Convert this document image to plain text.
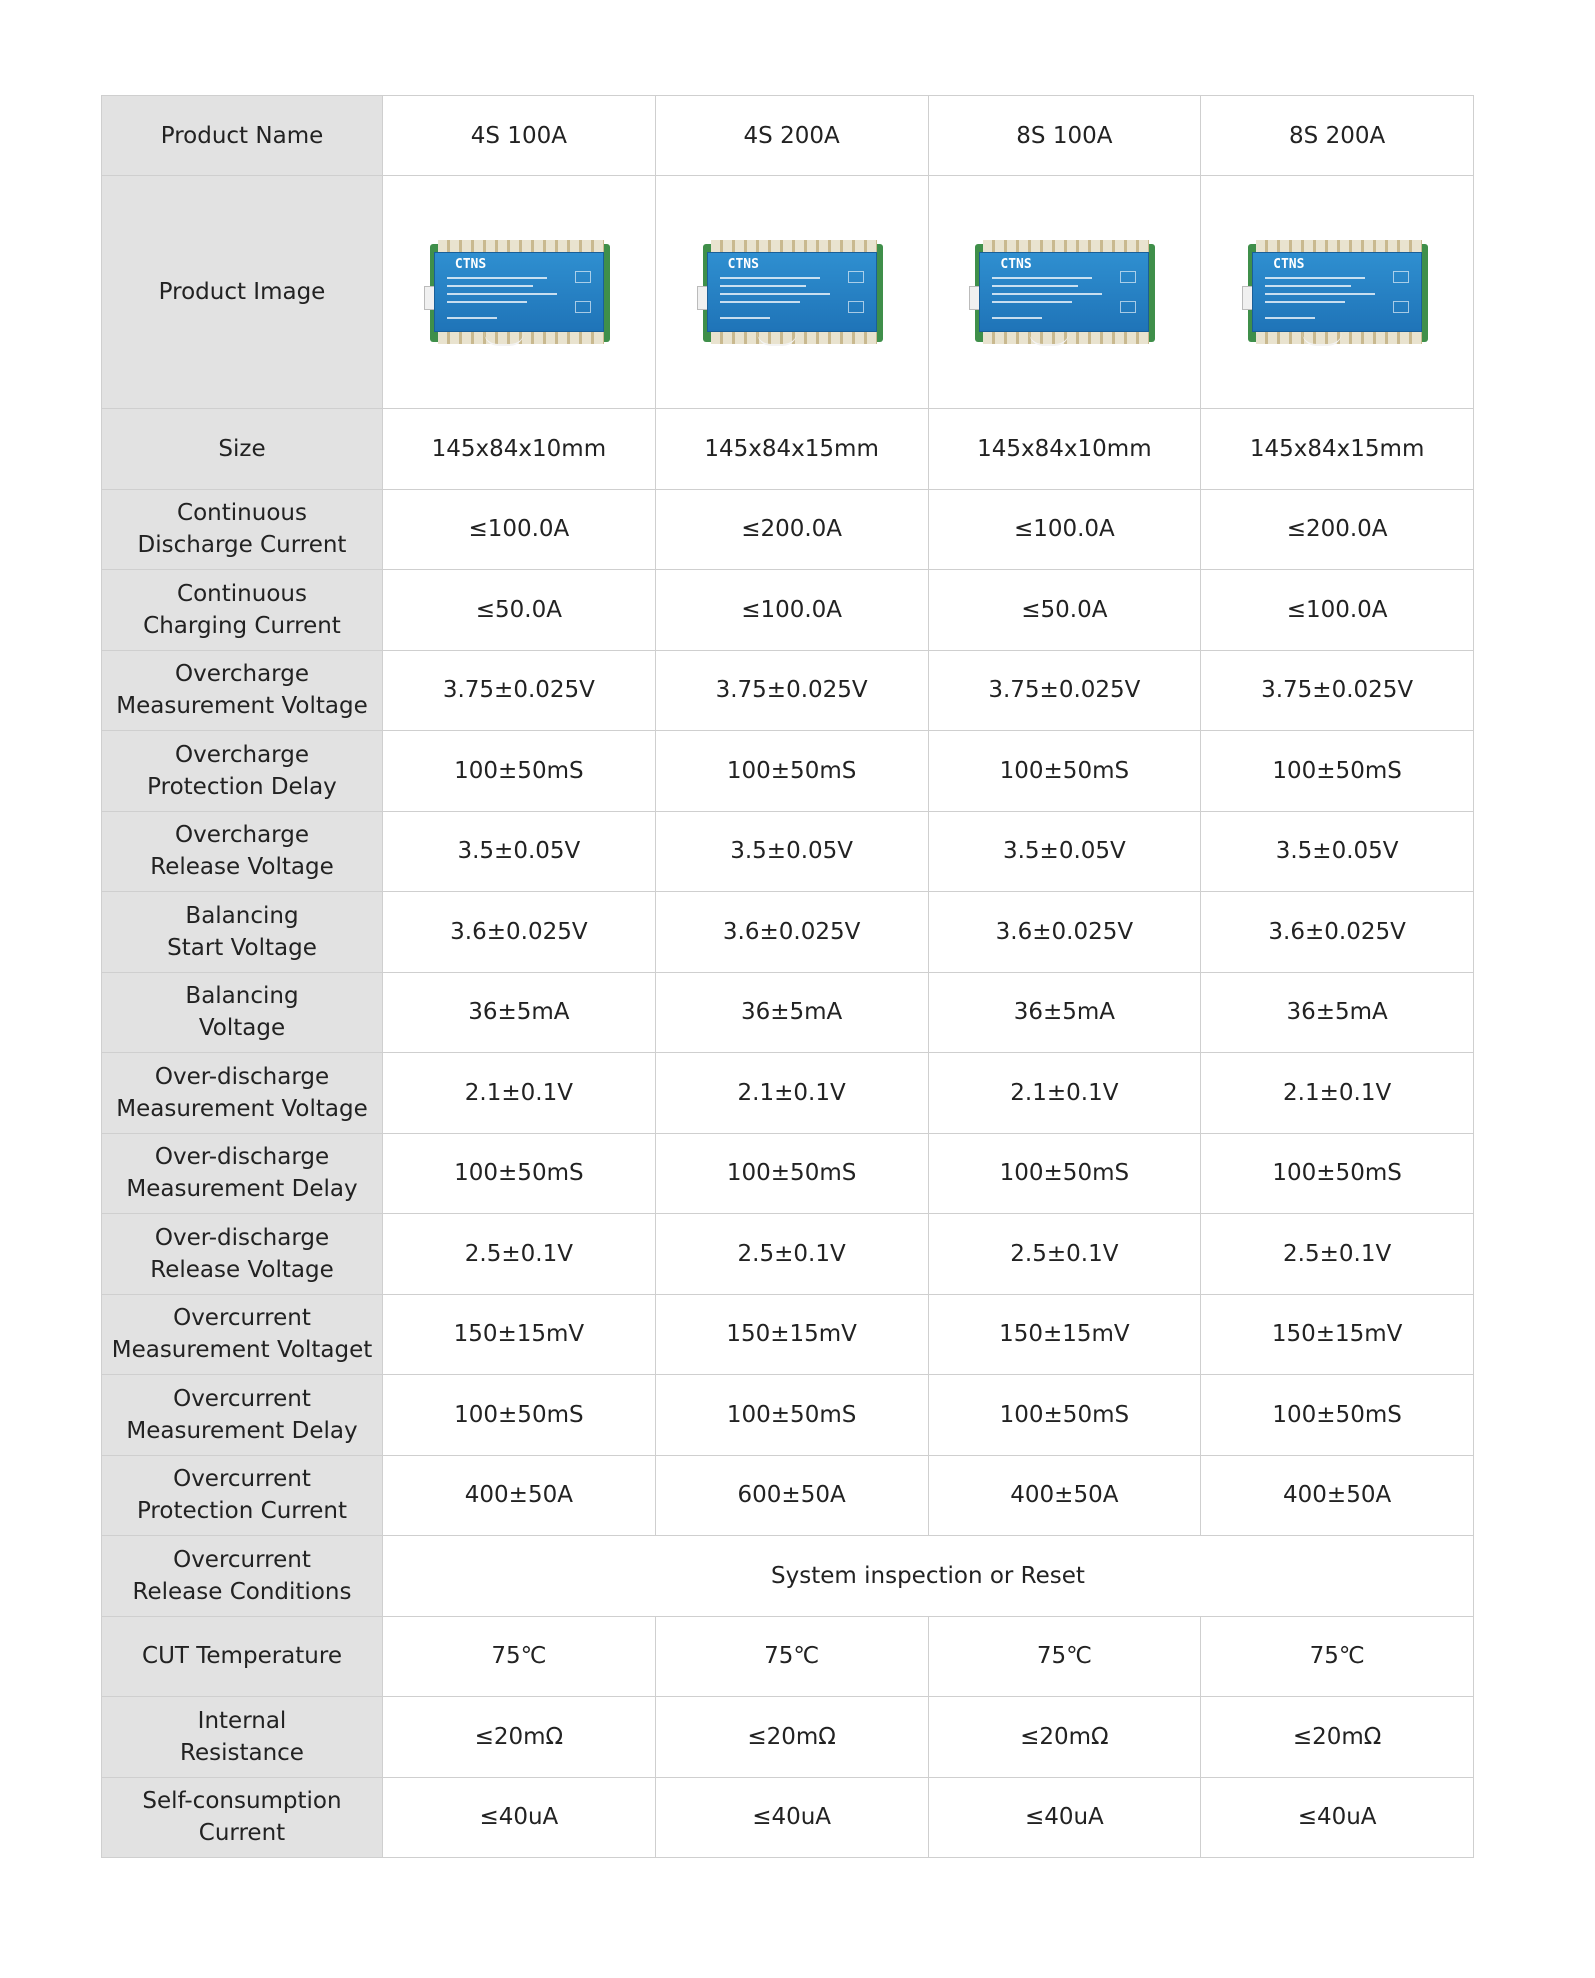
Product Name	4S 100A	4S 200A	8S 100A	8S 200A
Product Image	CTNS	CTNS	CTNS	CTNS

Size	145x84x10mm	145x84x15mm	145x84x10mm	145x84x15mm
Continuous
Discharge Current	≤100.0A	≤200.0A	≤100.0A	≤200.0A
Continuous
Charging Current	≤50.0A	≤100.0A	≤50.0A	≤100.0A
Overcharge
Measurement Voltage	3.75±0.025V	3.75±0.025V	3.75±0.025V	3.75±0.025V
Overcharge
Protection Delay	100±50mS	100±50mS	100±50mS	100±50mS
Overcharge
Release Voltage	3.5±0.05V	3.5±0.05V	3.5±0.05V	3.5±0.05V
Balancing
Start Voltage	3.6±0.025V	3.6±0.025V	3.6±0.025V	3.6±0.025V
Balancing
Voltage	36±5mA	36±5mA	36±5mA	36±5mA
Over-discharge
Measurement Voltage	2.1±0.1V	2.1±0.1V	2.1±0.1V	2.1±0.1V
Over-discharge
Measurement Delay	100±50mS	100±50mS	100±50mS	100±50mS
Over-discharge
Release Voltage	2.5±0.1V	2.5±0.1V	2.5±0.1V	2.5±0.1V
Overcurrent
Measurement Voltaget	150±15mV	150±15mV	150±15mV	150±15mV
Overcurrent
Measurement Delay	100±50mS	100±50mS	100±50mS	100±50mS
Overcurrent
Protection Current	400±50A	600±50A	400±50A	400±50A
Overcurrent
Release Conditions	System inspection or Reset			
CUT Temperature	75℃	75℃	75℃	75℃
Internal
Resistance	≤20mΩ	≤20mΩ	≤20mΩ	≤20mΩ
Self-consumption
Current	≤40uA	≤40uA	≤40uA	≤40uA
